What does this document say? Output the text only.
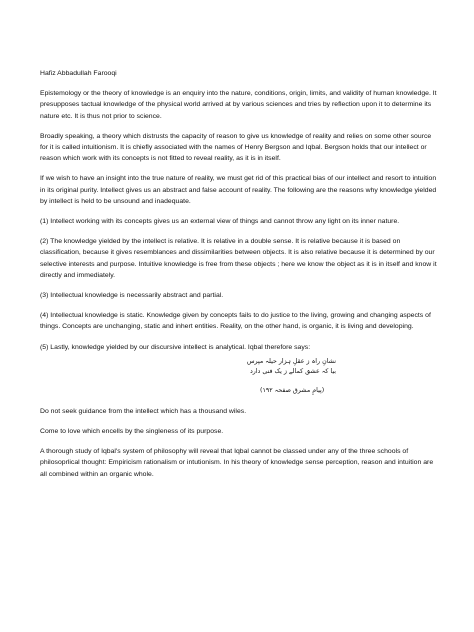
Hafiz Abbadullah Farooqi

Epistemology or the theory of knowledge is an enquiry into the nature, conditions, origin, limits, and validity of human knowledge. It presupposes tactual knowledge of the physical world arrived at by various sciences and tries by reflection upon it to determine its nature etc. It is thus not prior to science.

Broadly speaking, a theory which distrusts the capacity of reason to give us knowledge of reality and relies on some other source for it is called intuitionism. It is chiefly associated with the names of Henry Bergson and Iqbal. Bergson holds that our intellect or reason which work with its concepts is not fitted to reveal reality, as it is in itself.

If we wish to have an insight into the true nature of reality, we must get rid of this practical bias of our intellect and resort to intuition in its original purity. Intellect gives us an abstract and false account of reality. The following are the reasons why knowledge yielded by intellect is held to be unsound and inadequate.

(1) Intellect working with its concepts gives us an external view of things and cannot throw any light on its inner nature.

(2) The knowledge yielded by the intellect is relative. It is relative in a double sense. It is relative because it is based on classification, because it gives resemblances and dissimilarities between objects. It is also relative because it is determined by our selective interests and purpose. Intuitive knowledge is free from these objects ; here we know the object as it is in itself and know it directly and immediately.

(3) Intellectual knowledge is necessarily abstract and partial.

(4) Intellectual knowledge is static. Knowledge given by concepts fails to do justice to the living, growing and changing aspects of things. Concepts are unchanging, static and inhert entities. Reality, on the other hand, is organic, it is living and developing.

(5) Lastly, knowledge yielded by our discursive intellect is analytical. Iqbal therefore says:

نشانِ راہ ز عقلِ ہزار حیلہ مپرس
بیا کہ عشق کمالے ز یک فنی دارد
(پیامِ مشرق صفحہ ۱۹۲)

Do not seek guidance from the intellect which has a thousand wiles.

Come to love which encells by the singleness of its purpose.

A thorough study of Iqbal's system of philosophy will reveal that Iqbal cannot be classed under any of the three schools of philosoprlical thought: Empiricism rationalism or intutionism. In his theory of knowledge sense perception, reason and intuition are all combined within an organic whole.
